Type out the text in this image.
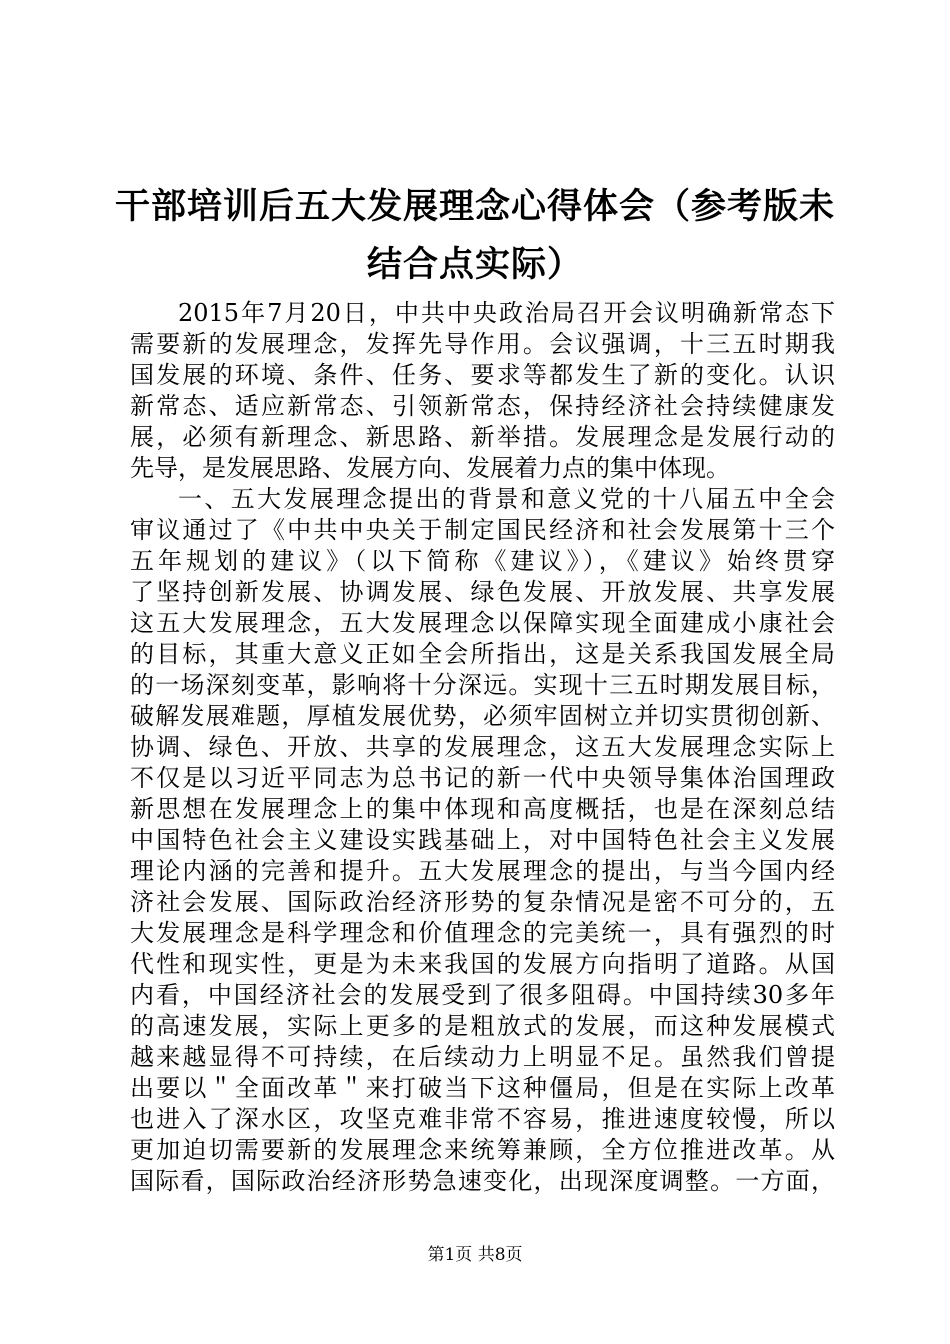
干部培训后五大发展理念心得体会（参考版未
结合点实际）
2015年7月20日，中共中央政治局召开会议明确新常态下
需要新的发展理念，发挥先导作用。会议强调，十三五时期我
国发展的环境、条件、任务、要求等都发生了新的变化。认识
新常态、适应新常态、引领新常态，保持经济社会持续健康发
展，必须有新理念、新思路、新举措。发展理念是发展行动的
先导，是发展思路、发展方向、发展着力点的集中体现。
一、五大发展理念提出的背景和意义党的十八届五中全会
审议通过了《中共中央关于制定国民经济和社会发展第十三个
五年规划的建议》（以下简称《建议》），《建议》始终贯穿
了坚持创新发展、协调发展、绿色发展、开放发展、共享发展
这五大发展理念，五大发展理念以保障实现全面建成小康社会
的目标，其重大意义正如全会所指出，这是关系我国发展全局
的一场深刻变革，影响将十分深远。实现十三五时期发展目标，
破解发展难题，厚植发展优势，必须牢固树立并切实贯彻创新、
协调、绿色、开放、共享的发展理念，这五大发展理念实际上
不仅是以习近平同志为总书记的新一代中央领导集体治国理政
新思想在发展理念上的集中体现和高度概括，也是在深刻总结
中国特色社会主义建设实践基础上，对中国特色社会主义发展
理论内涵的完善和提升。五大发展理念的提出，与当今国内经
济社会发展、国际政治经济形势的复杂情况是密不可分的，五
大发展理念是科学理念和价值理念的完美统一，具有强烈的时
代性和现实性，更是为未来我国的发展方向指明了道路。从国
内看，中国经济社会的发展受到了很多阻碍。中国持续30多年
的高速发展，实际上更多的是粗放式的发展，而这种发展模式
越来越显得不可持续，在后续动力上明显不足。虽然我们曾提
出要以＂全面改革＂来打破当下这种僵局，但是在实际上改革
也进入了深水区，攻坚克难非常不容易，推进速度较慢，所以
更加迫切需要新的发展理念来统筹兼顾，全方位推进改革。从
国际看，国际政治经济形势急速变化，出现深度调整。一方面，
第1页 共8页
